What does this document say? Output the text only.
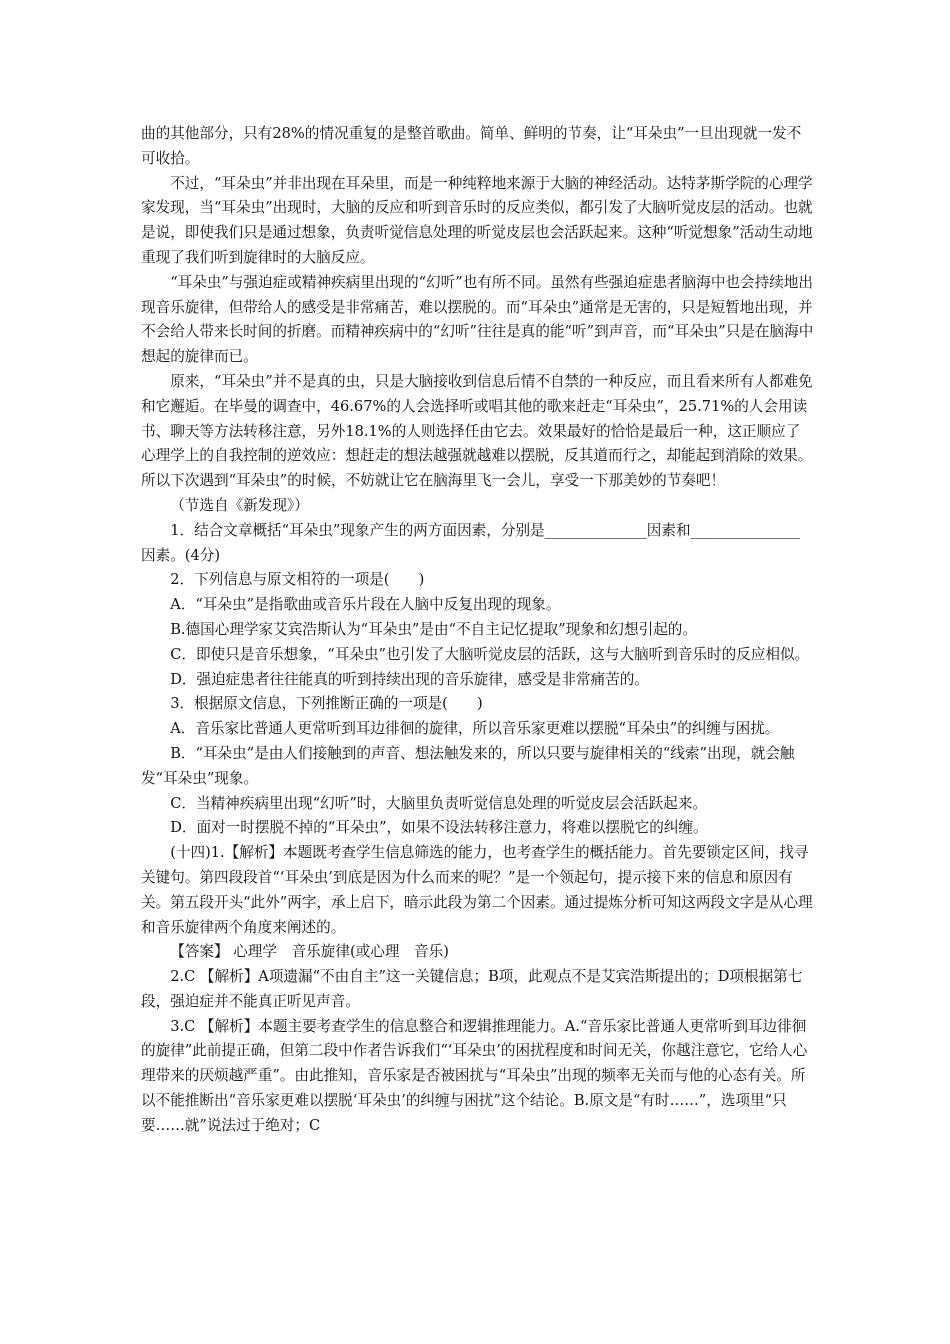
曲的其他部分，只有28%的情况重复的是整首歌曲。简单、鲜明的节奏，让“耳朵虫”一旦出现就一发不可收拾。

不过，“耳朵虫”并非出现在耳朵里，而是一种纯粹地来源于大脑的神经活动。达特茅斯学院的心理学家发现，当“耳朵虫”出现时，大脑的反应和听到音乐时的反应类似，都引发了大脑听觉皮层的活动。也就是说，即使我们只是通过想象，负责听觉信息处理的听觉皮层也会活跃起来。这种“听觉想象”活动生动地重现了我们听到旋律时的大脑反应。

“耳朵虫”与强迫症或精神疾病里出现的“幻听”也有所不同。虽然有些强迫症患者脑海中也会持续地出现音乐旋律，但带给人的感受是非常痛苦，难以摆脱的。而“耳朵虫”通常是无害的，只是短暂地出现，并不会给人带来长时间的折磨。而精神疾病中的“幻听”往往是真的能“听”到声音，而“耳朵虫”只是在脑海中想起的旋律而已。

原来，“耳朵虫”并不是真的虫，只是大脑接收到信息后情不自禁的一种反应，而且看来所有人都难免和它邂逅。在毕曼的调查中，46.67%的人会选择听或唱其他的歌来赶走“耳朵虫”，25.71%的人会用读书、聊天等方法转移注意，另外18.1%的人则选择任由它去。效果最好的恰恰是最后一种，这正顺应了心理学上的自我控制的逆效应：想赶走的想法越强就越难以摆脱，反其道而行之，却能起到消除的效果。所以下次遇到“耳朵虫”的时候，不妨就让它在脑海里飞一会儿，享受一下那美妙的节奏吧！

（节选自《新发现》）

1．结合文章概括“耳朵虫”现象产生的两方面因素，分别是______________因素和_______________因素。(4分)

2．下列信息与原文相符的一项是(　　)

A．“耳朵虫”是指歌曲或音乐片段在人脑中反复出现的现象。

B.德国心理学家艾宾浩斯认为“耳朵虫”是由“不自主记忆提取”现象和幻想引起的。

C．即使只是音乐想象，“耳朵虫”也引发了大脑听觉皮层的活跃，这与大脑听到音乐时的反应相似。

D．强迫症患者往往能真的听到持续出现的音乐旋律，感受是非常痛苦的。

3．根据原文信息，下列推断正确的一项是(　　)

A．音乐家比普通人更常听到耳边徘徊的旋律，所以音乐家更难以摆脱“耳朵虫”的纠缠与困扰。

B．“耳朵虫”是由人们接触到的声音、想法触发来的，所以只要与旋律相关的“线索”出现，就会触发“耳朵虫”现象。

C．当精神疾病里出现“幻听”时，大脑里负责听觉信息处理的听觉皮层会活跃起来。

D．面对一时摆脱不掉的“耳朵虫”，如果不设法转移注意力，将难以摆脱它的纠缠。

(十四)1.【解析】本题既考查学生信息筛选的能力，也考查学生的概括能力。首先要锁定区间，找寻关键句。第四段段首“‘耳朵虫’到底是因为什么而来的呢？”是一个领起句，提示接下来的信息和原因有关。第五段开头“此外”两字，承上启下，暗示此段为第二个因素。通过提炼分析可知这两段文字是从心理和音乐旋律两个角度来阐述的。

【答案】 心理学　音乐旋律(或心理　音乐)

2.C 【解析】A项遗漏“不由自主”这一关键信息；B项，此观点不是艾宾浩斯提出的；D项根据第七段，强迫症并不能真正听见声音。

3.C 【解析】本题主要考查学生的信息整合和逻辑推理能力。A.“音乐家比普通人更常听到耳边徘徊的旋律”此前提正确，但第二段中作者告诉我们“‘耳朵虫’的困扰程度和时间无关，你越注意它，它给人心理带来的厌烦越严重”。由此推知，音乐家是否被困扰与“耳朵虫”出现的频率无关而与他的心态有关。所以不能推断出“音乐家更难以摆脱‘耳朵虫’的纠缠与困扰”这个结论。B.原文是“有时……”，选项里“只要……就”说法过于绝对；C
